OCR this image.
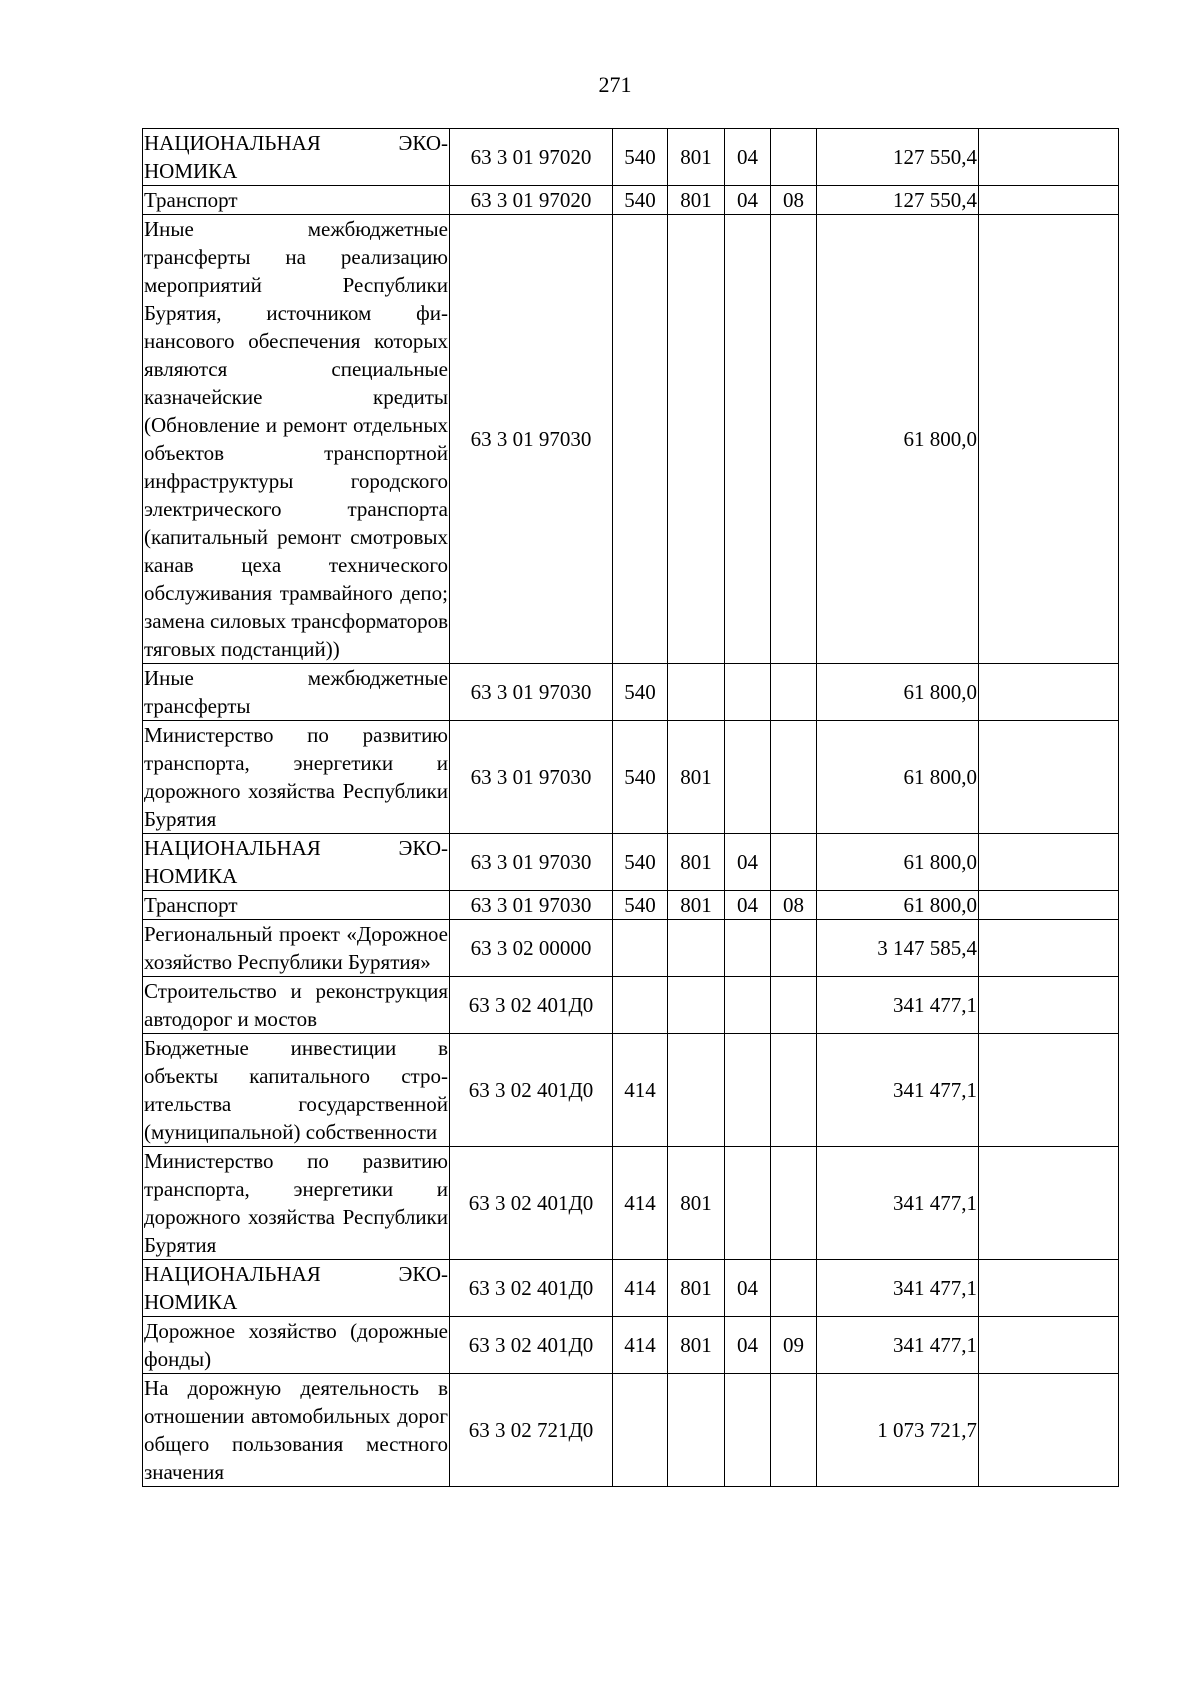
271
НАЦИОНАЛЬНАЯ ЭКОНОМИКА	63 3 01 97020	540	801	04		127 550,4	
Транспорт	63 3 01 97020	540	801	04	08	127 550,4	
Иные межбюджетные трансферты на реализацию мероприятий Республики Бурятия, источником финансового обеспечения которых являются специальные казначейские кредиты (Обновление и ремонт отдельных объектов транспортной инфраструктуры городского электрического транспорта (капитальный ремонт смотровых канав цеха технического обслуживания трамвайного депо; замена силовых трансформаторов тяговых подстанций))	63 3 01 97030					61 800,0	
Иные межбюджетные трансферты	63 3 01 97030	540				61 800,0	
Министерство по развитию транспорта, энергетики и дорожного хозяйства Республики Бурятия	63 3 01 97030	540	801			61 800,0	
НАЦИОНАЛЬНАЯ ЭКОНОМИКА	63 3 01 97030	540	801	04		61 800,0	
Транспорт	63 3 01 97030	540	801	04	08	61 800,0	
Региональный проект «Дорожное хозяйство Республики Бурятия»	63 3 02 00000					3 147 585,4	
Строительство и реконструкция автодорог и мостов	63 3 02 401Д0					341 477,1	
Бюджетные инвестиции в объекты капитального строительства государственной (муниципальной) собственности	63 3 02 401Д0	414				341 477,1	
Министерство по развитию транспорта, энергетики и дорожного хозяйства Республики Бурятия	63 3 02 401Д0	414	801			341 477,1	
НАЦИОНАЛЬНАЯ ЭКОНОМИКА	63 3 02 401Д0	414	801	04		341 477,1	
Дорожное хозяйство (дорожные фонды)	63 3 02 401Д0	414	801	04	09	341 477,1	
На дорожную деятельность в отношении автомобильных дорог общего пользования местного значения	63 3 02 721Д0					1 073 721,7	
